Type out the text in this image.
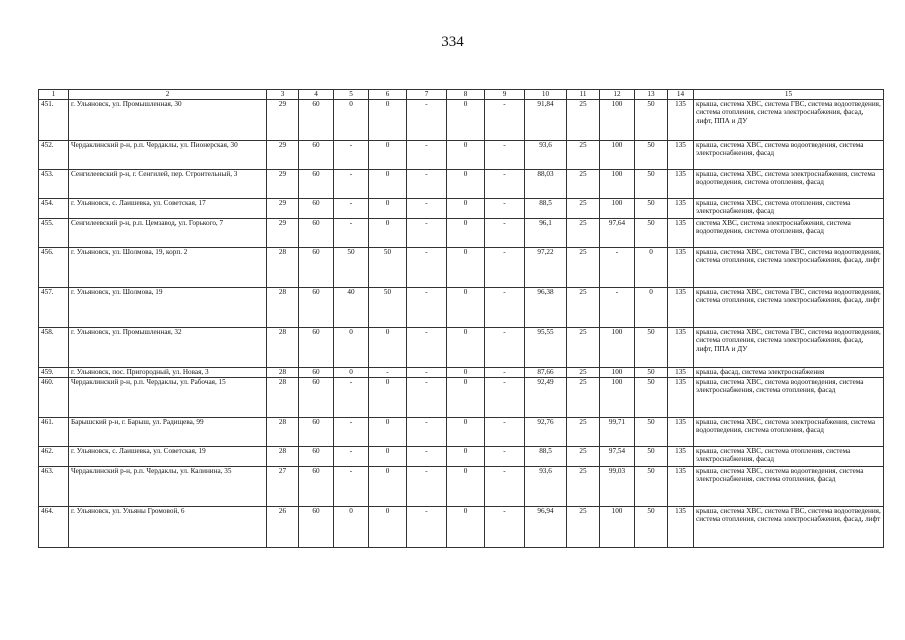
334
1	2	3	4	5	6	7	8	9	10	11	12	13	14	15
451.	г. Ульяновск, ул. Промышленная, 30	29	60	0	0	-	0	-	91,84	25	100	50	135	крыша, система ХВС, система ГВС, система водоотведения, система отопления, система электроснабжения, фасад, лифт, ППА и ДУ
452.	Чердаклинский р-н, р.п. Чердаклы, ул. Пионерская, 30	29	60	-	0	-	0	-	93,6	25	100	50	135	крыша, система ХВС, система водоотведения, система электроснабжения, фасад
453.	Сенгилеевский р-н, г. Сенгилей, пер. Строительный, 3	29	60	-	0	-	0	-	88,03	25	100	50	135	крыша, система ХВС, система электроснабжения, система водоотведения, система отопления, фасад
454.	г. Ульяновск, с. Лаишевка, ул. Советская, 17	29	60	-	0	-	0	-	88,5	25	100	50	135	крыша, система ХВС, система отопления, система электроснабжения, фасад
455.	Сенгилеевский р-н, р.п. Цемзавод, ул. Горького, 7	29	60	-	0	-	0	-	96,1	25	97,64	50	135	система ХВС, система электроснабжения, система водоотведения, система отопления, фасад
456.	г. Ульяновск, ул. Шолмова, 19, корп. 2	28	60	50	50	-	0	-	97,22	25	-	0	135	крыша, система ХВС, система ГВС, система водоотведения, система отопления, система электроснабжения, фасад, лифт
457.	г. Ульяновск, ул. Шолмова, 19	28	60	40	50	-	0	-	96,38	25	-	0	135	крыша, система ХВС, система ГВС, система водоотведения, система отопления, система электроснабжения, фасад, лифт
458.	г. Ульяновск, ул. Промышленная, 32	28	60	0	0	-	0	-	95,55	25	100	50	135	крыша, система ХВС, система ГВС, система водоотведения, система отопления, система электроснабжения, фасад, лифт, ППА и ДУ
459.	г. Ульяновск, пос. Пригородный, ул. Новая, 3	28	60	0	-	-	0	-	87,66	25	100	50	135	крыша, фасад, система электроснабжения
460.	Чердаклинский р-н, р.п. Чердаклы, ул. Рабочая, 15	28	60	-	0	-	0	-	92,49	25	100	50	135	крыша, система ХВС, система водоотведения, система электроснабжения, система отопления, фасад
461.	Барышский р-н, г. Барыш, ул. Радищева, 99	28	60	-	0	-	0	-	92,76	25	99,71	50	135	крыша, система ХВС, система электроснабжения, система водоотведения, система отопления, фасад
462.	г. Ульяновск, с. Лаишевка, ул. Советская, 19	28	60	-	0	-	0	-	88,5	25	97,54	50	135	крыша, система ХВС, система отопления, система электроснабжения, фасад
463.	Чердаклинский р-н, р.п. Чердаклы, ул. Калинина, 35	27	60	-	0	-	0	-	93,6	25	99,03	50	135	крыша, система ХВС, система водоотведения, система электроснабжения, система отопления, фасад
464.	г. Ульяновск, ул. Ульяны Громовой, 6	26	60	0	0	-	0	-	96,94	25	100	50	135	крыша, система ХВС, система ГВС, система водоотведения, система отопления, система электроснабжения, фасад, лифт
